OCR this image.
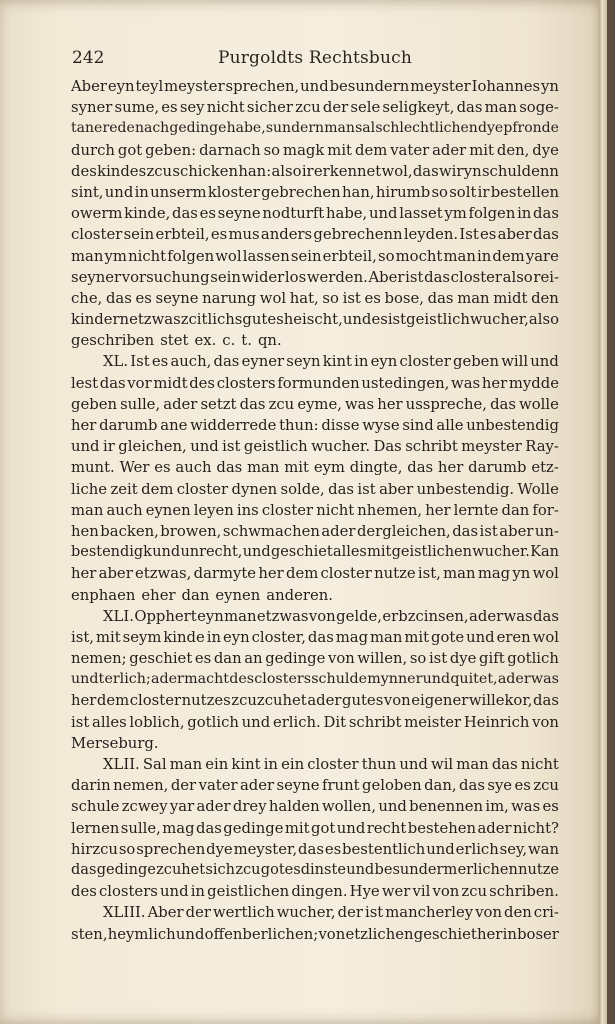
242	Purgoldts Rechtsbuch
Aber eyn teyl meyster sprechen, und besundern meyster Iohannes yn
syner sume, es sey nicht sicher zcu der sele seligkeyt, das man soge-
tane rede nach gedinge habe, sundern man sal schlechtlichen dye pfronde
durch got geben: darnach so magk mit dem vater ader mit den, dye
des kindes zcu schicken han: also ir erkennet wol, das wir yn schuldenn
sint, und in unserm kloster gebrechen han, hirumb so solt ir bestellen
owerm kinde, das es seyne nodturft habe, und lasset ym folgen in das
closter sein erbteil, es mus anders gebrechenn leyden. Ist es aber das
man ym nicht folgen wol lassen sein erbteil, so mocht man in dem yare
seyner vorsuchung sein wider los werden. Aber ist das closter also rei-
che, das es seyne narung wol hat, so ist es bose, das man midt den
kindern etzwas zcitlichs gutes heischt, und es ist geistlich wucher, also
geschriben stet ex. c. t. qn.
XL. Ist es auch, das eyner seyn kint in eyn closter geben will und
lest das vor midt des closters formunden ustedingen, was her mydde
geben sulle, ader setzt das zcu eyme, was her usspreche, das wolle
her darumb ane widderrede thun: disse wyse sind alle unbestendig
und ir gleichen, und ist geistlich wucher. Das schribt meyster Ray-
munt. Wer es auch das man mit eym dingte, das her darumb etz-
liche zeit dem closter dynen solde, das ist aber unbestendig. Wolle
man auch eynen leyen ins closter nicht nhemen, her lernte dan for-
hen backen, browen, schwmachen ader dergleichen, das ist aber un-
bestendigk und unrecht, und geschiet alles mit geistlichen wucher. Kan
her aber etzwas, darmyte her dem closter nutze ist, man mag yn wol
enphaen eher dan eynen anderen.
XLI. Opphert eyn man etzwas von gelde, erbzcinsen, ader was das
ist, mit seym kinde in eyn closter, das mag man mit gote und eren wol
nemen; geschiet es dan an gedinge von willen, so ist dye gift gotlich
undt erlich; ader macht des closters schulde mynner und quitet, ader was
her dem closter nutzes zcuzcuhet ader gutes von eigener willekor, das
ist alles loblich, gotlich und erlich. Dit schribt meister Heinrich von
Merseburg.
XLII. Sal man ein kint in ein closter thun und wil man das nicht
darin nemen, der vater ader seyne frunt geloben dan, das sye es zcu
schule zcwey yar ader drey halden wollen, und benennen im, was es
lernen sulle, mag das gedinge mit got und recht bestehen ader nicht?
hirzcu so sprechen dye meyster, das es bestentlich und erlich sey, wan
das gedinge zcuhet sich zcu gotesdinste und besunderm erlichen nutze
des closters und in geistlichen dingen. Hye wer vil von zcu schriben.
XLIII. Aber der wertlich wucher, der ist mancherley von den cri-
sten, heymlich und offenberlichen; von etzlichen geschiet her in boser
